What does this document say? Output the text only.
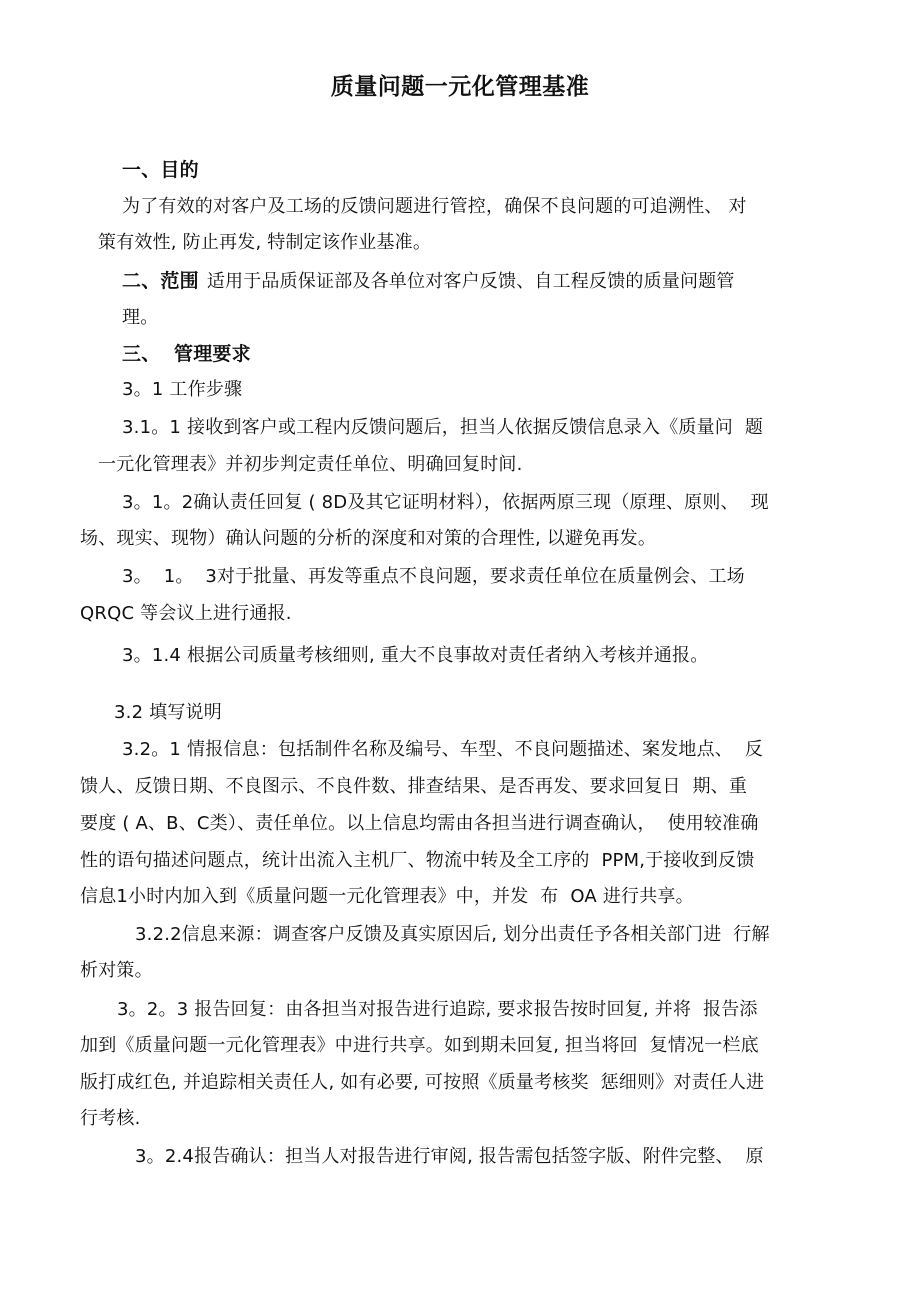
质量问题一元化管理基准
一、目的
为了有效的对客户及工场的反馈问题进行管控，确保不良问题的可追溯性、 对
策有效性, 防止再发, 特制定该作业基准。
二、范围 适用于品质保证部及各单位对客户反馈、自工程反馈的质量问题管
理。
三、  管理要求
3。1 工作步骤
3.1。1 接收到客户或工程内反馈问题后，担当人依据反馈信息录入《质量问  题
一元化管理表》并初步判定责任单位、明确回复时间.
3。1。2确认责任回复 ( 8D及其它证明材料），依据两原三现（原理、原则、  现
场、现实、现物）确认问题的分析的深度和对策的合理性, 以避免再发。
3。  1。  3对于批量、再发等重点不良问题，要求责任单位在质量例会、工场
QRQC 等会议上进行通报.
3。1.4 根据公司质量考核细则, 重大不良事故对责任者纳入考核并通报。
3.2 填写说明
3.2。1 情报信息：包括制件名称及编号、车型、不良问题描述、案发地点、  反
馈人、反馈日期、不良图示、不良件数、排查结果、是否再发、要求回复日  期、重
要度 ( A、B、C类）、责任单位。以上信息均需由各担当进行调查确认，  使用较准确
性的语句描述问题点，统计出流入主机厂、物流中转及全工序的  PPM,于接收到反馈
信息1小时内加入到《质量问题一元化管理表》中，并发  布  OA 进行共享。
3.2.2信息来源：调查客户反馈及真实原因后, 划分出责任予各相关部门进  行解
析对策。
3。2。3 报告回复：由各担当对报告进行追踪, 要求报告按时回复, 并将  报告添
加到《质量问题一元化管理表》中进行共享。如到期未回复, 担当将回  复情况一栏底
版打成红色, 并追踪相关责任人, 如有必要, 可按照《质量考核奖  惩细则》对责任人进
行考核.
3。2.4报告确认：担当人对报告进行审阅, 报告需包括签字版、附件完整、  原
